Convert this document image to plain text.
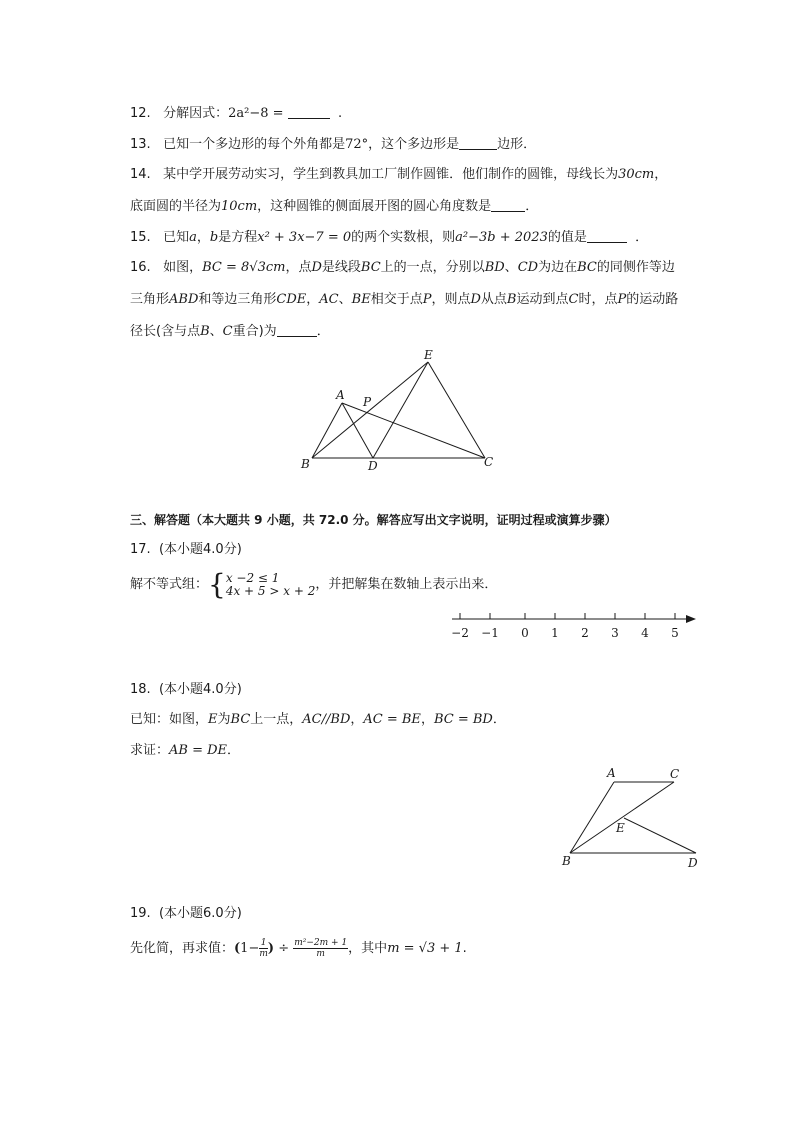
12. 分解因式：2a²−8 =	.
13. 已知一个多边形的每个外角都是72°，这个多边形是	边形．
14. 某中学开展劳动实习，学生到教具加工厂制作圆锥．他们制作的圆锥，母线长为30cm，
底面圆的半径为10cm，这种圆锥的侧面展开图的圆心角度数是	．
15. 已知a，b是方程x² + 3x−7 = 0的两个实数根，则a²−3b + 2023的值是	．
16. 如图，BC = 8√3cm，点D是线段BC上的一点，分别以BD、CD为边在BC的同侧作等边
三角形ABD和等边三角形CDE，AC、BE相交于点P，则点D从点B运动到点C时，点P的运动路
径长(含与点B、C重合)为	．
A
B	C
D
E
P
三、解答题（本大题共 9 小题，共 72.0 分。解答应写出文字说明，证明过程或演算步骤）
17. (本小题4.0分)
解不等式组：{ x −2 ≤ 1
4x + 5 > x + 2 ，并把解集在数轴上表示出来．
−2 −1 0 1 2 3 4 5
18. (本小题4.0分)
已知：如图，E为BC上一点，AC//BD，AC = BE，BC = BD．
求证：AB = DE．
A	C
E
B	D
19. (本小题6.0分)
先化简，再求值：($1- \frac{1}{m}$ ) ÷ $\frac{\text{m²−2m + 1}}{m}$ ，其中m = √3 + 1.
